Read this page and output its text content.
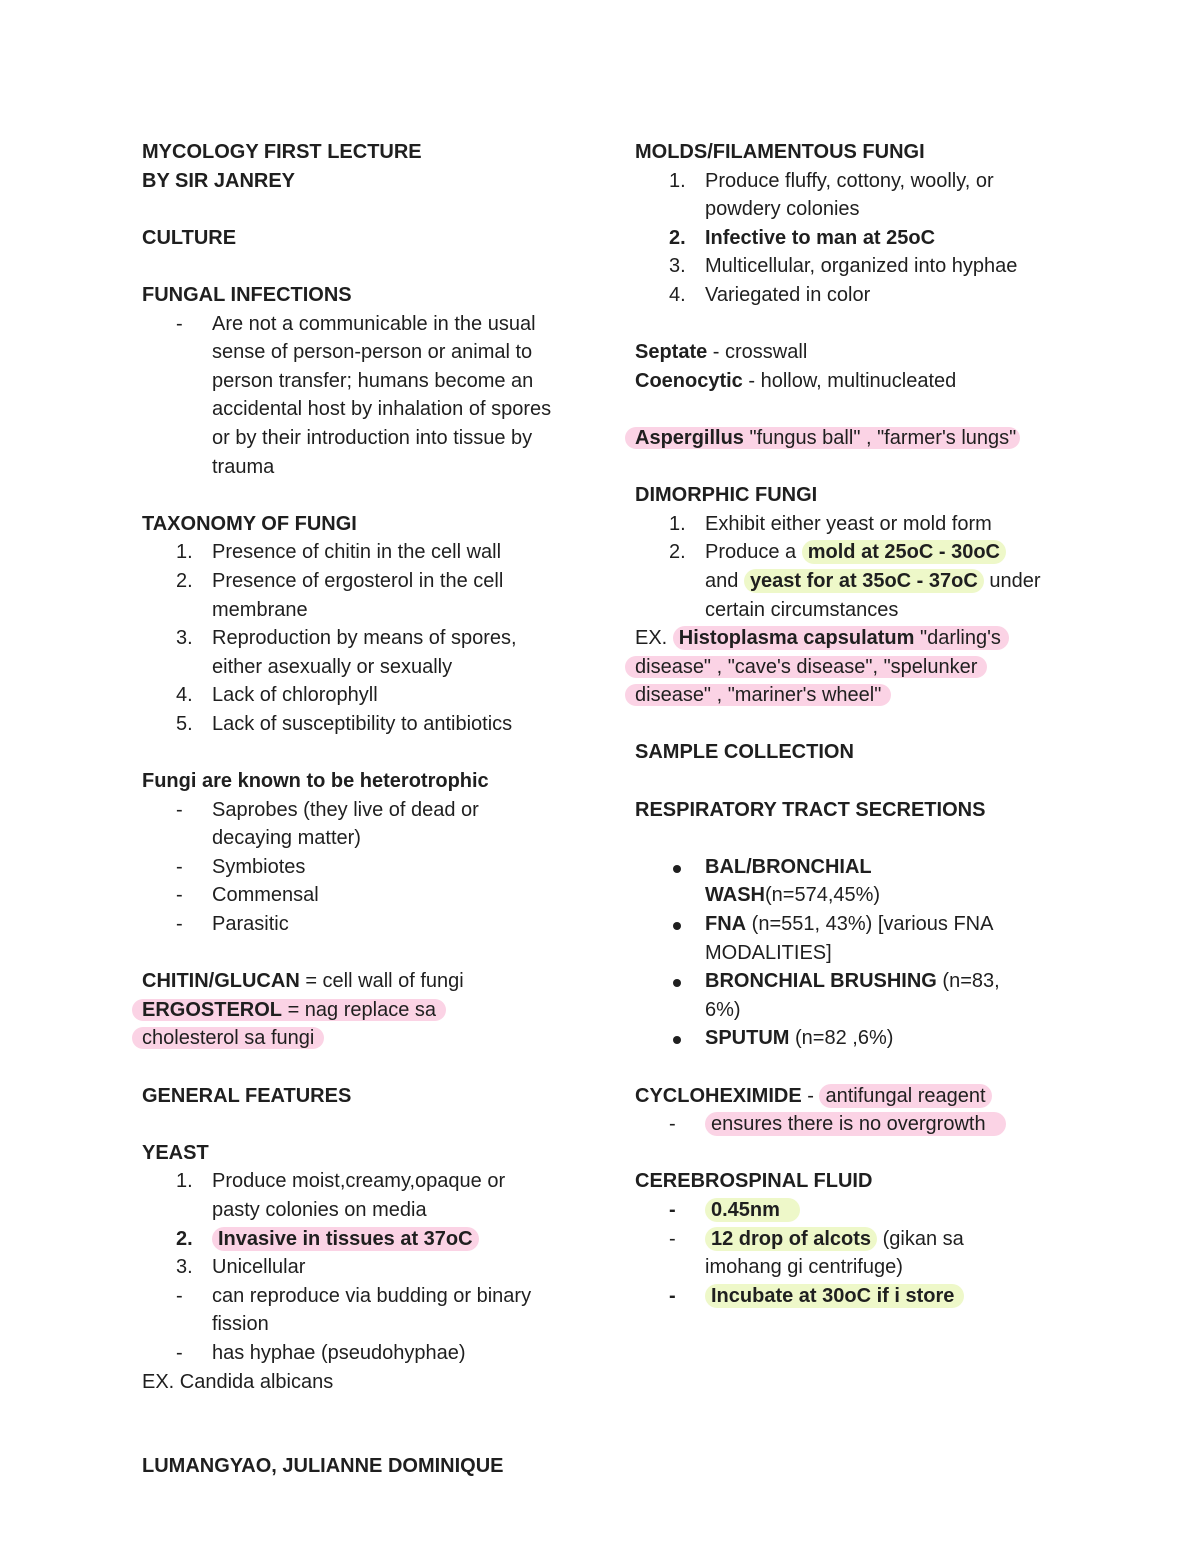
MYCOLOGY FIRST LECTURE
BY SIR JANREY
CULTURE
FUNGAL INFECTIONS
-	Are not a communicable in the usual sense of person-person or animal to person transfer; humans become an accidental host by inhalation of spores or by their introduction into tissue by trauma
TAXONOMY OF FUNGI
1. Presence of chitin in the cell wall
2. Presence of ergosterol in the cell membrane
3. Reproduction by means of spores, either asexually or sexually
4. Lack of chlorophyll
5. Lack of susceptibility to antibiotics
Fungi are known to be heterotrophic
-	Saprobes (they live of dead or decaying matter)
-	Symbiotes
-	Commensal
-	Parasitic
CHITIN/GLUCAN = cell wall of fungi
ERGOSTEROL = nag replace sa
cholesterol sa fungi
GENERAL FEATURES
YEAST
1. Produce moist,creamy,opaque or pasty colonies on media
2.	Invasive in tissues at 37oC
3. Unicellular
-	can reproduce via budding or binary fission
-	has hyphae (pseudohyphae)
EX. Candida albicans
LUMANGYAO, JULIANNE DOMINIQUE
MOLDS/FILAMENTOUS FUNGI
1. Produce fluffy, cottony, woolly, or powdery colonies
2. Infective to man at 25oC
3. Multicellular, organized into hyphae
4. Variegated in color
Septate - crosswall
Coenocytic - hollow, multinucleated
Aspergillus "fungus ball" , "farmer's lungs"
DIMORPHIC FUNGI
1. Exhibit either yeast or mold form
2. Produce a mold at 25oC - 30oC
and yeast for at 35oC - 37oC under
certain circumstances
EX. Histoplasma capsulatum "darling's
disease" , "cave's disease", "spelunker
disease" , "mariner's wheel"
SAMPLE COLLECTION
RESPIRATORY TRACT SECRETIONS
BAL/BRONCHIAL WASH(n=574,45%)
FNA (n=551, 43%) [various FNA MODALITIES]
BRONCHIAL BRUSHING (n=83, 6%)
SPUTUM (n=82 ,6%)
CYCLOHEXIMIDE - antifungal reagent
-	ensures there is no overgrowth
CEREBROSPINAL FLUID
-	0.45nm
-	12 drop of alcots (gikan sa imohang gi centrifuge)
-	Incubate at 30oC if i store
